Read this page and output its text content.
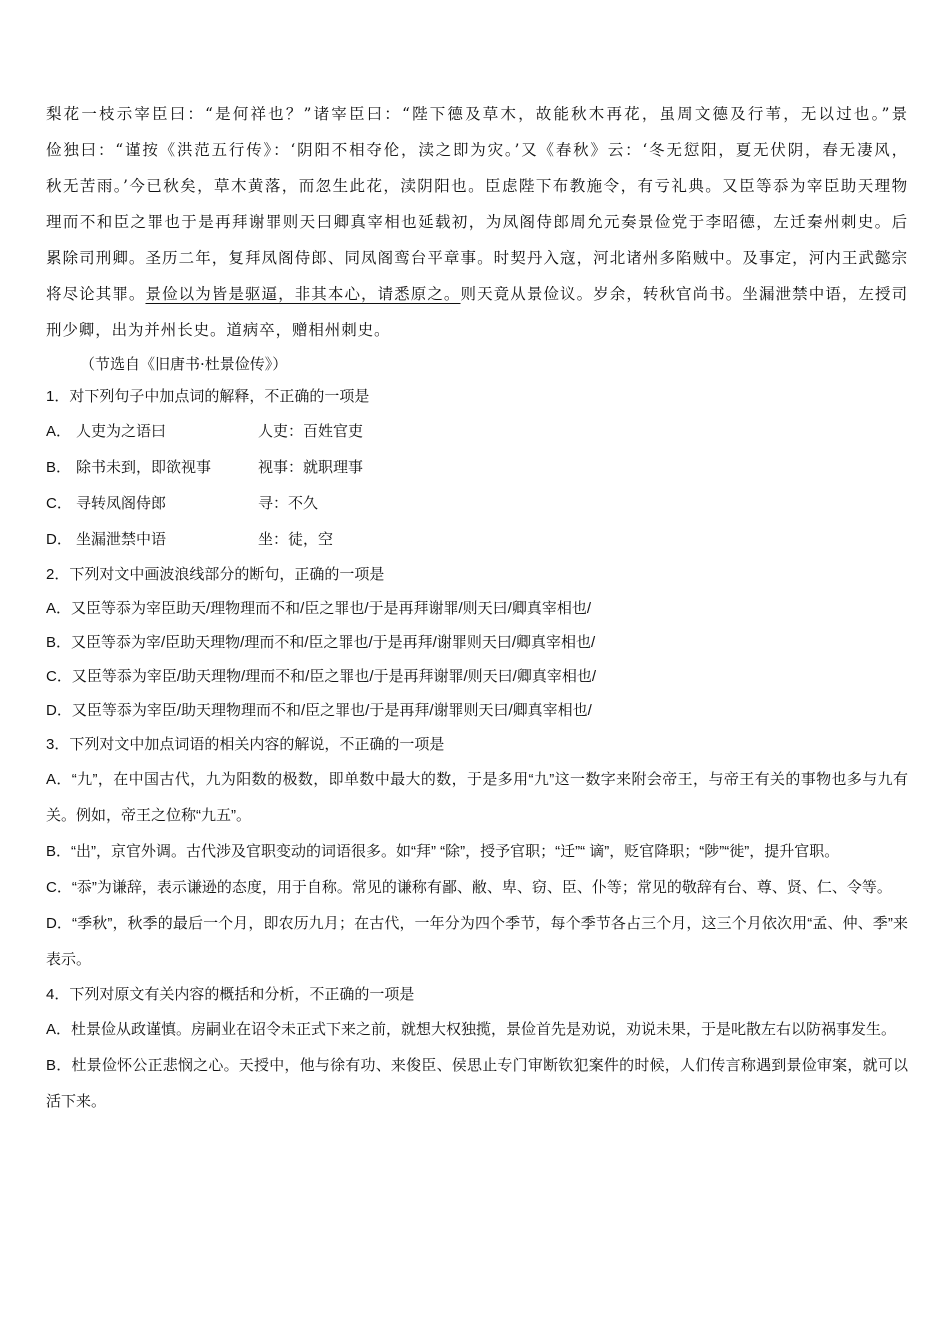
梨花一枝示宰臣曰：“是何祥也？”诸宰臣曰：“陛下德及草木，故能秋木再花，虽周文德及行苇，无以过也。”景
俭独曰：“谨按《洪范五行传》：‘阴阳不相夺伦，渎之即为灾。’又《春秋》云：‘冬无愆阳，夏无伏阴，春无凄风，
秋无苦雨。’今已秋矣，草木黄落，而忽生此花，渎阴阳也。臣虑陛下布教施令，有亏礼典。又臣等忝为宰臣助天理物
理而不和臣之罪也于是再拜谢罪则天曰卿真宰相也延载初，为凤阁侍郎周允元奏景俭党于李昭德，左迁秦州刺史。后
累除司刑卿。圣历二年，复拜凤阁侍郎、同凤阁鸾台平章事。时契丹入寇，河北诸州多陷贼中。及事定，河内王武懿宗
将尽论其罪。景俭以为皆是驱逼，非其本心，请悉原之。则天竟从景俭议。岁余，转秋官尚书。坐漏泄禁中语，左授司
刑少卿，出为并州长史。道病卒，赠相州刺史。

（节选自《旧唐书·杜景俭传》）

1．对下列句子中加点词的解释，不正确的一项是

A． 人吏为之语曰	人吏：百姓官吏
B． 除书未到，即欲视事	视事：就职理事
C． 寻转凤阁侍郎	寻：不久
D． 坐漏泄禁中语	坐：徒，空

2．下列对文中画波浪线部分的断句，正确的一项是

A．又臣等忝为宰臣助天/理物理而不和/臣之罪也/于是再拜谢罪/则天曰/卿真宰相也/

B．又臣等忝为宰/臣助天理物/理而不和/臣之罪也/于是再拜/谢罪则天曰/卿真宰相也/

C．又臣等忝为宰臣/助天理物/理而不和/臣之罪也/于是再拜谢罪/则天曰/卿真宰相也/

D．又臣等忝为宰臣/助天理物理而不和/臣之罪也/于是再拜/谢罪则天曰/卿真宰相也/

3．下列对文中加点词语的相关内容的解说，不正确的一项是

A．“九”，在中国古代，九为阳数的极数，即单数中最大的数，于是多用“九”这一数字来附会帝王，与帝王有关的事物也多与九有关。例如，帝王之位称“九五”。

B．“出”，京官外调。古代涉及官职变动的词语很多。如“拜” “除”，授予官职；“迁”“ 谪”，贬官降职；“陟”“徙”，提升官职。

C．“忝”为谦辞，表示谦逊的态度，用于自称。常见的谦称有鄙、敝、卑、窃、臣、仆等；常见的敬辞有台、尊、贤、仁、令等。

D．“季秋”，秋季的最后一个月，即农历九月；在古代，一年分为四个季节，每个季节各占三个月，这三个月依次用“孟、仲、季”来表示。

4．下列对原文有关内容的概括和分析，不正确的一项是

A．杜景俭从政谨慎。房嗣业在诏令未正式下来之前，就想大权独揽，景俭首先是劝说，劝说未果，于是叱散左右以防祸事发生。

B．杜景俭怀公正悲悯之心。天授中，他与徐有功、来俊臣、侯思止专门审断钦犯案件的时候，人们传言称遇到景俭审案，就可以活下来。
